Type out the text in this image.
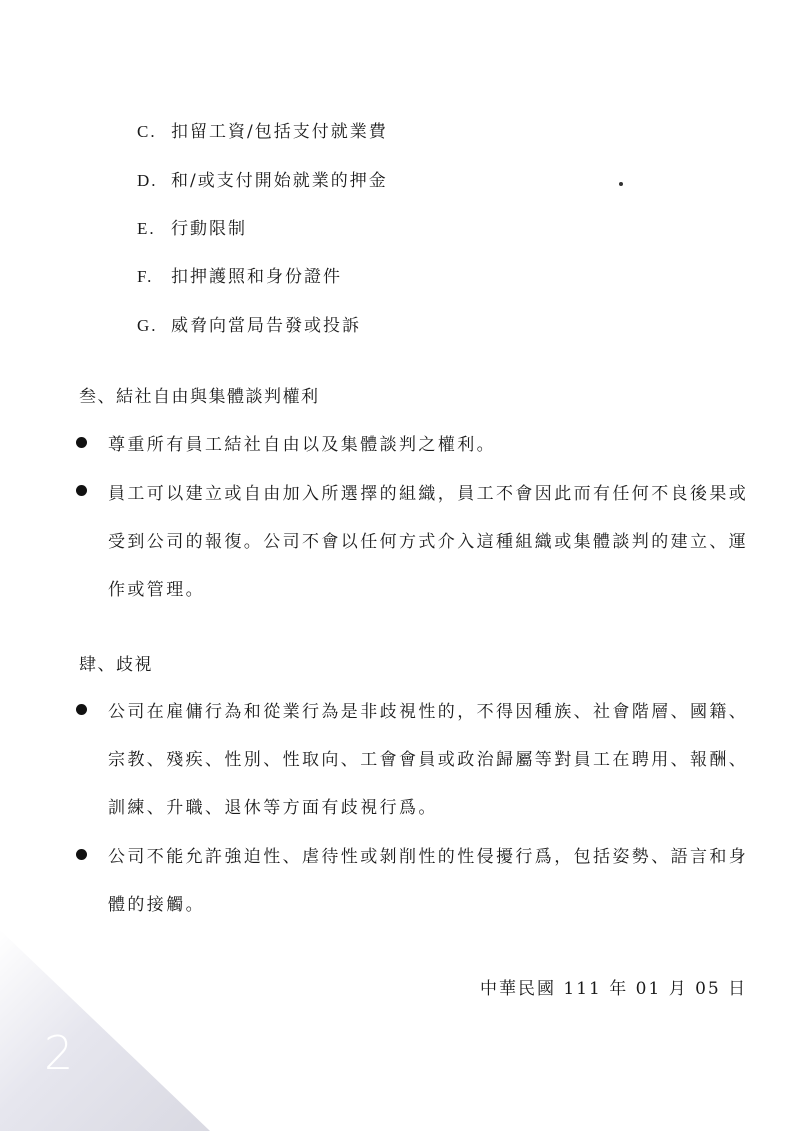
2
C. 扣留工資/包括支付就業費
D. 和/或支付開始就業的押金
E. 行動限制
F. 扣押護照和身份證件
G. 威脅向當局告發或投訴
叁、結社自由與集體談判權利
尊重所有員工結社自由以及集體談判之權利。
員工可以建立或自由加入所選擇的組織，員工不會因此而有任何不良後果或
受到公司的報復。公司不會以任何方式介入這種組織或集體談判的建立、運
作或管理。
肆、歧視
公司在雇傭行為和從業行為是非歧視性的，不得因種族、社會階層、國籍、
宗教、殘疾、性別、性取向、工會會員或政治歸屬等對員工在聘用、報酬、
訓練、升職、退休等方面有歧視行爲。
公司不能允許強迫性、虐待性或剝削性的性侵擾行爲，包括姿勢、語言和身
體的接觸。
中華民國 111 年 01 月 05 日
